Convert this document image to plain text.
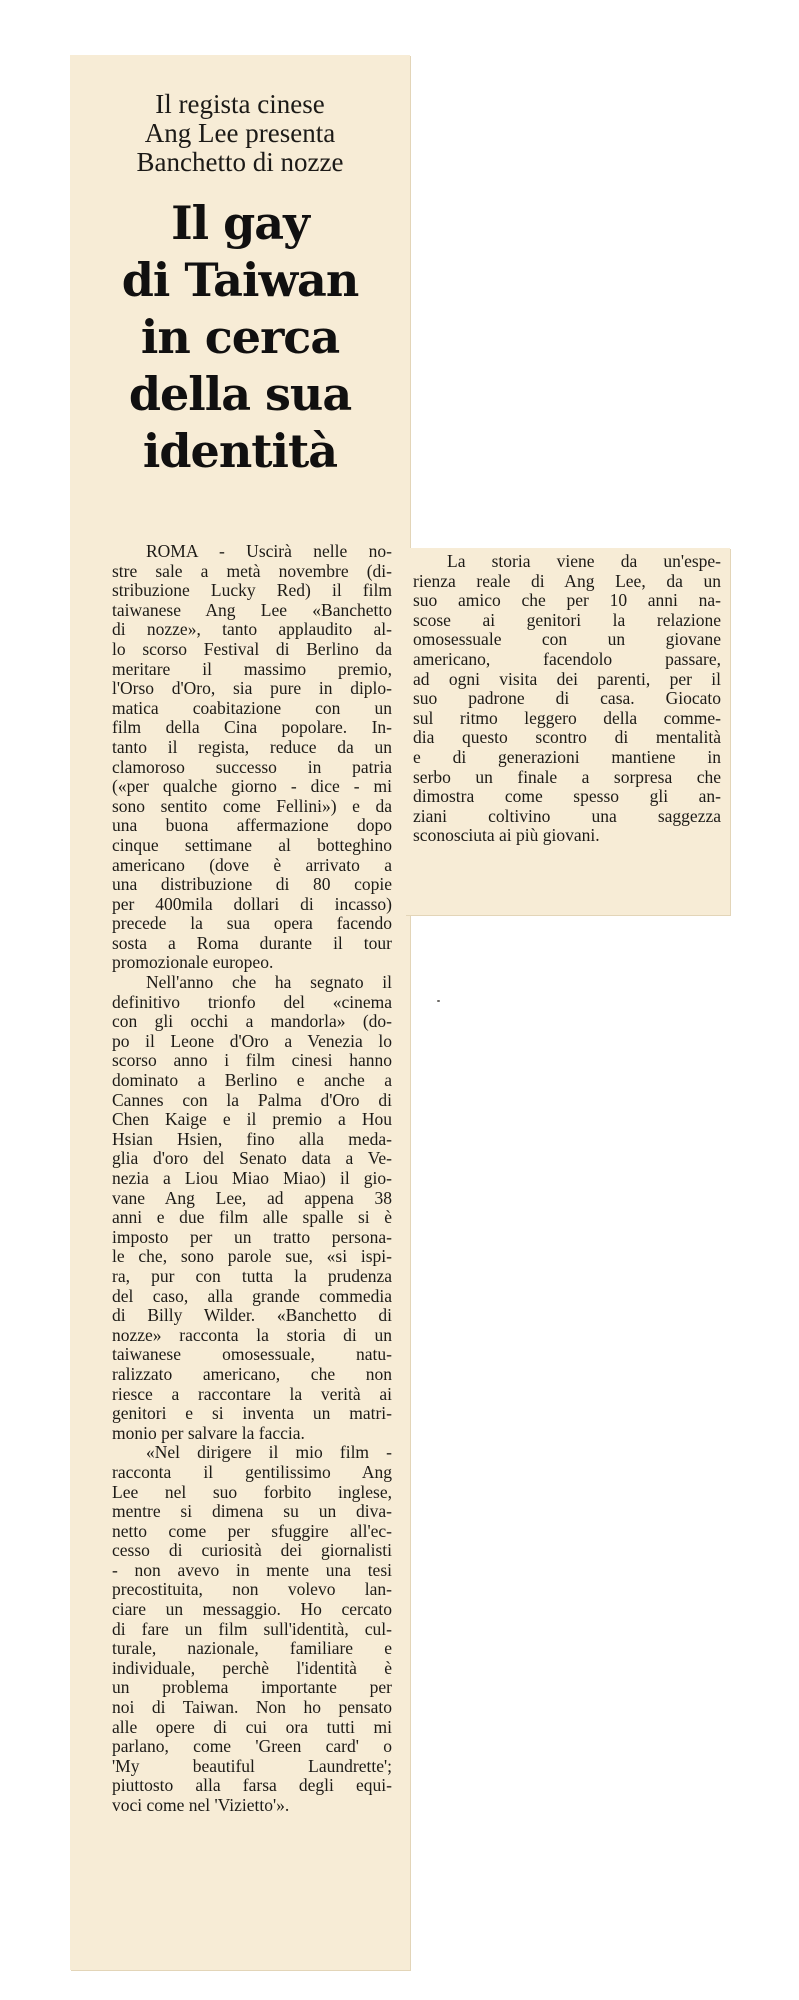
Il regista cinese
Ang Lee presenta
Banchetto di nozze
Il gay
di Taiwan
in cerca
della sua
identità
ROMA - Uscirà nelle no-
stre sale a metà novembre (di-
stribuzione Lucky Red) il film
taiwanese Ang Lee «Banchetto
di nozze», tanto applaudito al-
lo scorso Festival di Berlino da
meritare il massimo premio,
l'Orso d'Oro, sia pure in diplo-
matica coabitazione con un
film della Cina popolare. In-
tanto il regista, reduce da un
clamoroso successo in patria
(«per qualche giorno - dice - mi
sono sentito come Fellini») e da
una buona affermazione dopo
cinque settimane al botteghino
americano (dove è arrivato a
una distribuzione di 80 copie
per 400mila dollari di incasso)
precede la sua opera facendo
sosta a Roma durante il tour
promozionale europeo.
Nell'anno che ha segnato il
definitivo trionfo del «cinema
con gli occhi a mandorla» (do-
po il Leone d'Oro a Venezia lo
scorso anno i film cinesi hanno
dominato a Berlino e anche a
Cannes con la Palma d'Oro di
Chen Kaige e il premio a Hou
Hsian Hsien, fino alla meda-
glia d'oro del Senato data a Ve-
nezia a Liou Miao Miao) il gio-
vane Ang Lee, ad appena 38
anni e due film alle spalle si è
imposto per un tratto persona-
le che, sono parole sue, «si ispi-
ra, pur con tutta la prudenza
del caso, alla grande commedia
di Billy Wilder. «Banchetto di
nozze» racconta la storia di un
taiwanese omosessuale, natu-
ralizzato americano, che non
riesce a raccontare la verità ai
genitori e si inventa un matri-
monio per salvare la faccia.
«Nel dirigere il mio film -
racconta il gentilissimo Ang
Lee nel suo forbito inglese,
mentre si dimena su un diva-
netto come per sfuggire all'ec-
cesso di curiosità dei giornalisti
- non avevo in mente una tesi
precostituita, non volevo lan-
ciare un messaggio. Ho cercato
di fare un film sull'identità, cul-
turale, nazionale, familiare e
individuale, perchè l'identità è
un problema importante per
noi di Taiwan. Non ho pensato
alle opere di cui ora tutti mi
parlano, come 'Green card' o
'My beautiful Laundrette';
piuttosto alla farsa degli equi-
voci come nel 'Vizietto'».
La storia viene da un'espe-
rienza reale di Ang Lee, da un
suo amico che per 10 anni na-
scose ai genitori la relazione
omosessuale con un giovane
americano, facendolo passare,
ad ogni visita dei parenti, per il
suo padrone di casa. Giocato
sul ritmo leggero della comme-
dia questo scontro di mentalità
e di generazioni mantiene in
serbo un finale a sorpresa che
dimostra come spesso gli an-
ziani coltivino una saggezza
sconosciuta ai più giovani.
